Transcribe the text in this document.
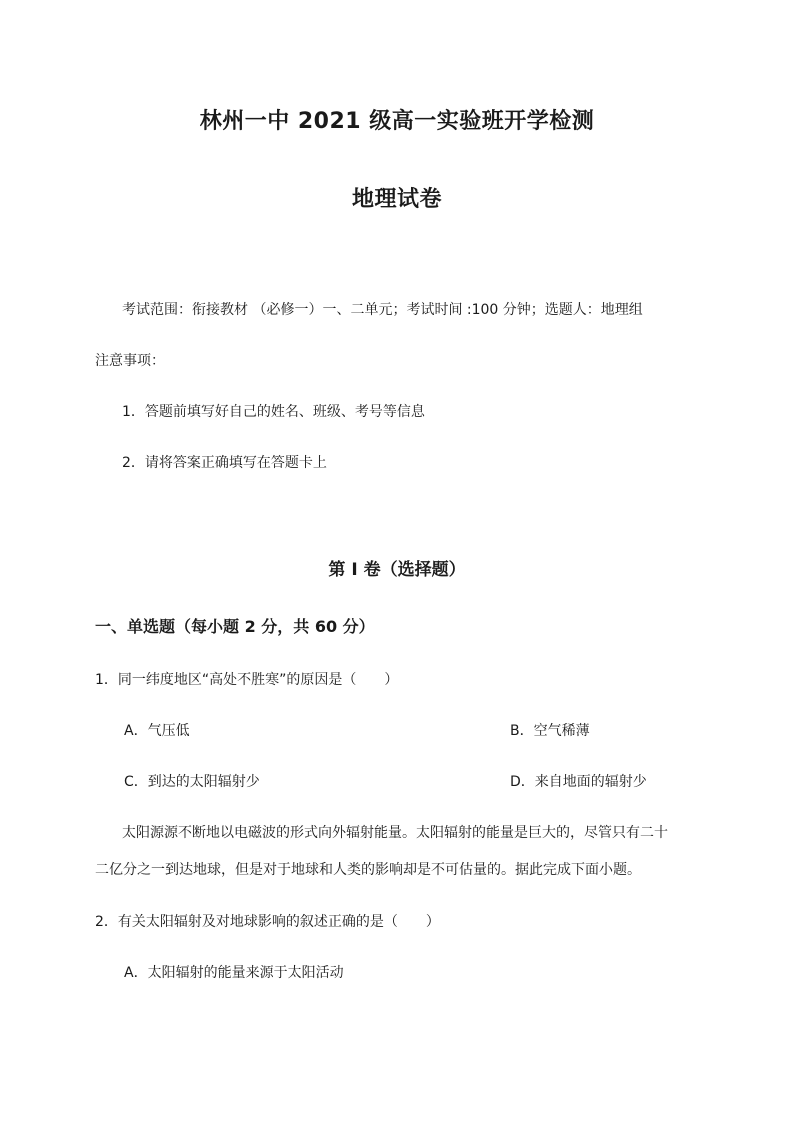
林州一中 2021 级高一实验班开学检测
地理试卷
考试范围：衔接教材 （必修一）一、二单元；考试时间 :100 分钟；选题人：地理组
注意事项：
1．答题前填写好自己的姓名、班级、考号等信息
2．请将答案正确填写在答题卡上
第 I 卷（选择题）
一、单选题（每小题 2 分，共 60 分）
1．同一纬度地区“高处不胜寒”的原因是（　　）
A．气压低	B．空气稀薄
C．到达的太阳辐射少	D．来自地面的辐射少
太阳源源不断地以电磁波的形式向外辐射能量。太阳辐射的能量是巨大的，尽管只有二十
二亿分之一到达地球，但是对于地球和人类的影响却是不可估量的。据此完成下面小题。
2．有关太阳辐射及对地球影响的叙述正确的是（　　）
A．太阳辐射的能量来源于太阳活动
